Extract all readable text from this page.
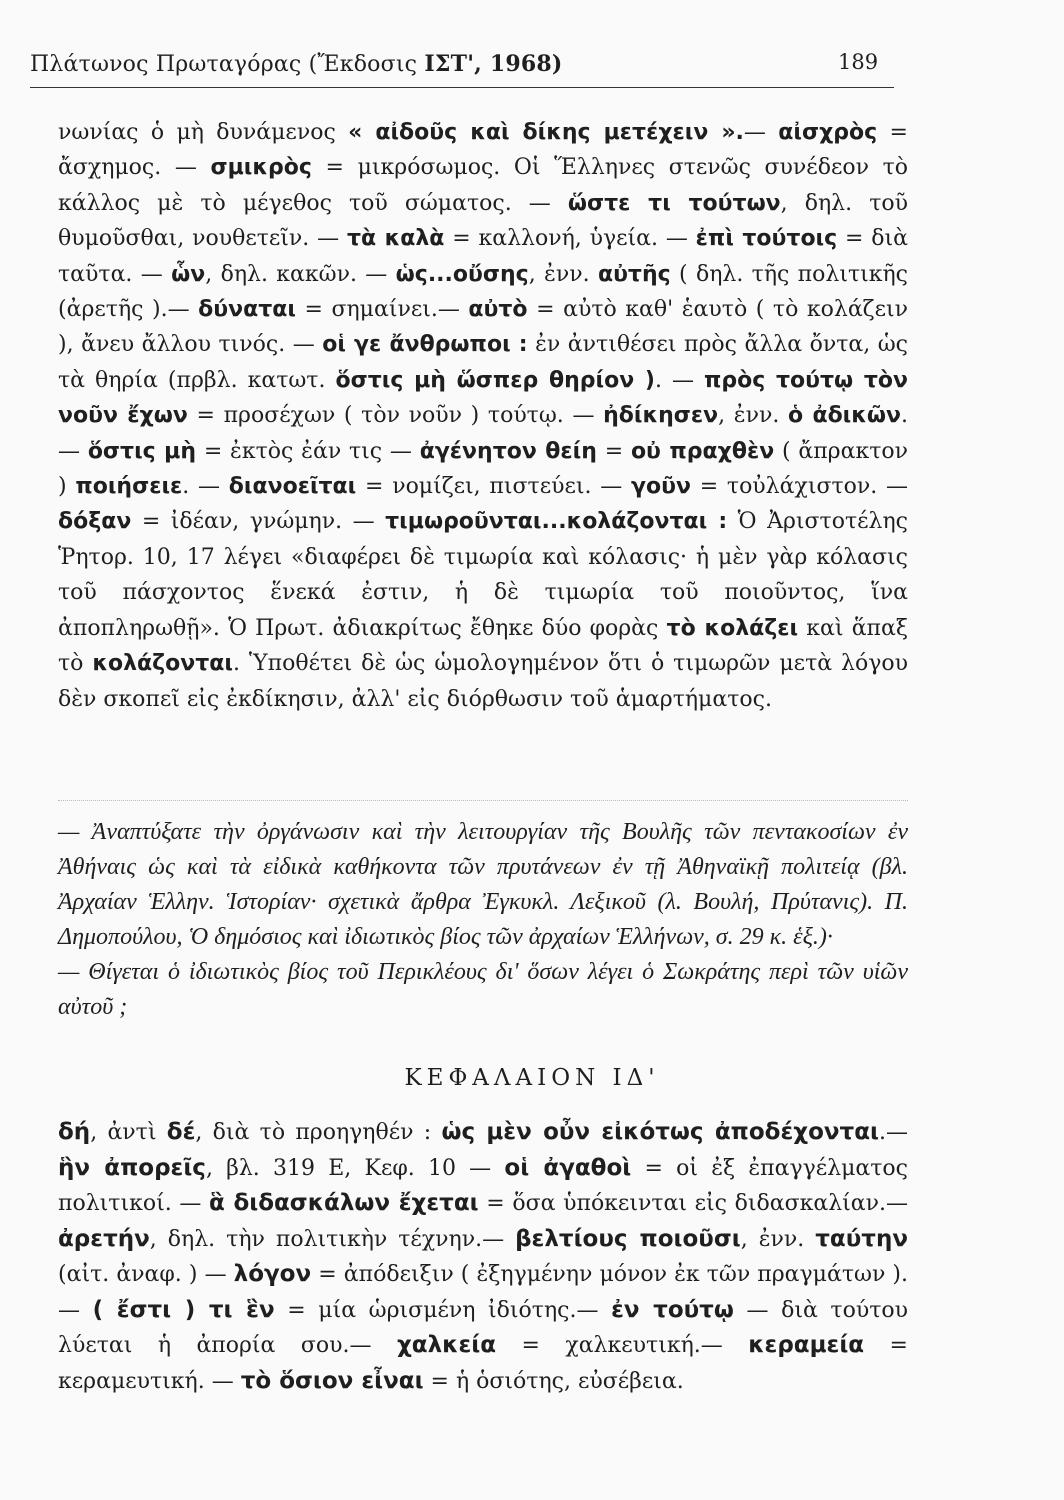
Πλάτωνος Πρωταγόρας (Ἔκδοσις ΙΣΤ', 1968)	189

νωνίας ὁ μὴ δυνάμενος « αἰδοῦς καὶ δίκης μετέχειν ».— αἰσχρὸς = ἄσχημος. — σμικρὸς = μικρόσωμος. Οἱ Ἕλληνες στενῶς συνέδεον τὸ κάλλος μὲ τὸ μέγεθος τοῦ σώματος. — ὥστε τι τούτων, δηλ. τοῦ θυμοῦσθαι, νουθετεῖν. — τὰ καλὰ = καλλονή, ὑγεία. — ἐπὶ τούτοις = διὰ ταῦτα. — ὧν, δηλ. κακῶν. — ὡς...οὔσης, ἐνν. αὐτῆς ( δηλ. τῆς πολιτικῆς (ἀρετῆς ).— δύναται = σημαίνει.— αὐτὸ = αὐτὸ καθ' ἑαυτὸ ( τὸ κολάζειν ), ἄνευ ἄλλου τινός. — οἱ γε ἄνθρωποι : ἐν ἀντιθέσει πρὸς ἄλλα ὄντα, ὡς τὰ θηρία (πρβλ. κατωτ. ὅστις μὴ ὥσπερ θηρίον ). — πρὸς τούτῳ τὸν νοῦν ἔχων = προσέχων ( τὸν νοῦν ) τούτῳ. — ἠδίκησεν, ἐνν. ὁ ἀδικῶν. — ὅστις μὴ = ἐκτὸς ἐάν τις — ἀγένητον θείη = οὐ πραχθὲν ( ἄπρακτον ) ποιήσειε. — διανοεῖται = νομίζει, πιστεύει. — γοῦν = τοὐλάχιστον. — δόξαν = ἰδέαν, γνώμην. — τιμωροῦνται...κολάζονται : Ὁ Ἀριστοτέλης Ῥητορ. 10, 17 λέγει «διαφέρει δὲ τιμωρία καὶ κόλασις· ἡ μὲν γὰρ κόλασις τοῦ πάσχοντος ἕνεκά ἐστιν, ἡ δὲ τιμωρία τοῦ ποιοῦντος, ἵνα ἀποπληρωθῇ». Ὁ Πρωτ. ἀδιακρίτως ἔθηκε δύο φορὰς τὸ κολάζει καὶ ἅπαξ τὸ κολάζονται. Ὑποθέτει δὲ ὡς ὡμολογημένον ὅτι ὁ τιμωρῶν μετὰ λόγου δὲν σκοπεῖ εἰς ἐκδίκησιν, ἀλλ' εἰς διόρθωσιν τοῦ ἁμαρτήματος.

— Ἀναπτύξατε τὴν ὀργάνωσιν καὶ τὴν λειτουργίαν τῆς Βουλῆς τῶν πεντακοσίων ἐν Ἀθήναις ὡς καὶ τὰ εἰδικὰ καθήκοντα τῶν πρυτάνεων ἐν τῇ Ἀθηναϊκῇ πολιτείᾳ (βλ. Ἀρχαίαν Ἑλλην. Ἱστορίαν· σχετικὰ ἄρθρα Ἐγκυκλ. Λεξικοῦ (λ. Βουλή, Πρύτανις). Π. Δημοπούλου, Ὁ δημόσιος καὶ ἰδιωτικὸς βίος τῶν ἀρχαίων Ἑλλήνων, σ. 29 κ. ἑξ.)·

— Θίγεται ὁ ἰδιωτικὸς βίος τοῦ Περικλέους δι' ὅσων λέγει ὁ Σωκράτης περὶ τῶν υἱῶν αὐτοῦ ;

ΚΕΦΑΛΑΙΟΝ ΙΔ'

δή, ἀντὶ δέ, διὰ τὸ προηγηθέν : ὡς μὲν οὖν εἰκότως ἀποδέχονται.— ἣν ἀπορεῖς, βλ. 319 Ε, Κεφ. 10 — οἱ ἀγαθοὶ = οἱ ἐξ ἐπαγγέλματος πολιτικοί. — ἃ διδασκάλων ἔχεται = ὅσα ὑπόκεινται εἰς διδασκαλίαν.— ἀρετήν, δηλ. τὴν πολιτικὴν τέχνην.— βελτίους ποιοῦσι, ἐνν. ταύτην (αἰτ. ἀναφ. ) — λόγον = ἀπόδειξιν ( ἐξηγμένην μόνον ἐκ τῶν πραγμάτων ). — ( ἔστι ) τι ἓν = μία ὡρισμένη ἰδιότης.— ἐν τούτῳ — διὰ τούτου λύεται ἡ ἀπορία σου.— χαλκεία = χαλκευτική.— κεραμεία = κεραμευτική. — τὸ ὅσιον εἶναι = ἡ ὁσιότης, εὐσέβεια.
